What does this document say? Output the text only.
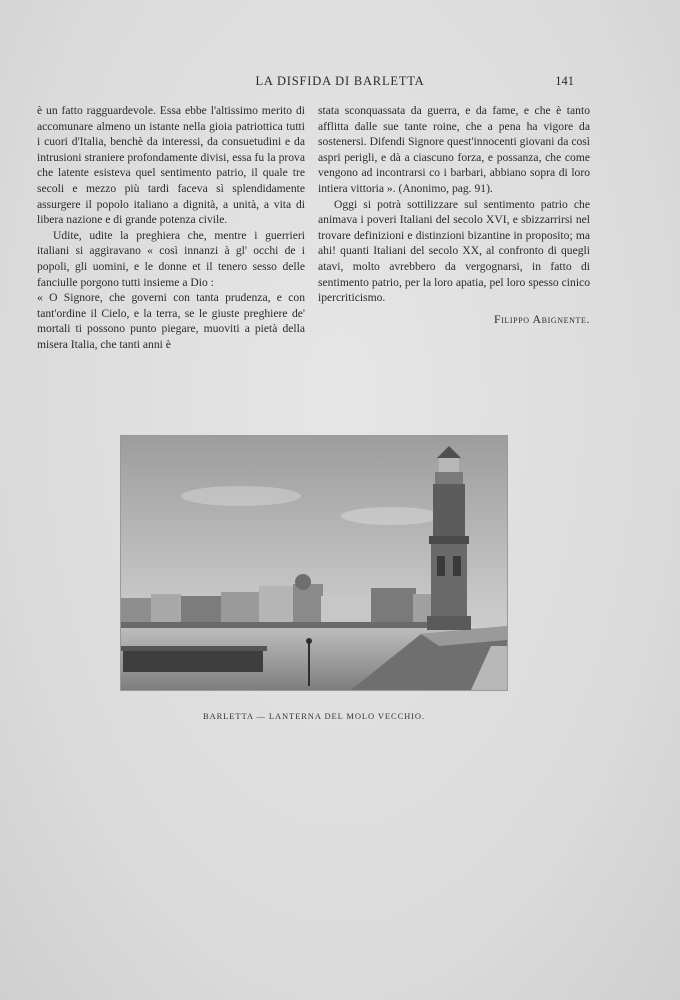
LA DISFIDA DI BARLETTA	141

è un fatto ragguardevole. Essa ebbe l'altissimo merito di accomunare almeno un istante nella gioia patriottica tutti i cuori d'Italia, benchè da interessi, da consuetudini e da intrusioni straniere profondamente divisi, essa fu la prova che latente esisteva quel sentimento patrio, il quale tre secoli e mezzo più tardi faceva sì splendidamente assurgere il popolo italiano a dignità, a unità, a vita di libera nazione e di grande potenza civile.

Udite, udite la preghiera che, mentre i guerrieri italiani si aggiravano « così innanzi à gl' occhi de i popoli, gli uomini, e le donne et il tenero sesso delle fanciulle porgono tutti insieme a Dio :

« O Signore, che governi con tanta prudenza, e con tant'ordine il Cielo, e la terra, se le giuste preghiere de' mortali ti possono punto piegare, muoviti a pietà della misera Italia, che tanti anni è

stata sconquassata da guerra, e da fame, e che è tanto afflitta dalle sue tante roine, che a pena ha vigore da sostenersi. Difendi Signore quest'innocenti giovani da così aspri perigli, e dà a ciascuno forza, e possanza, che come vengono ad incontrarsi co i barbari, abbiano sopra di loro intiera vittoria ». (Anonimo, pag. 91).

Oggi si potrà sottilizzare sul sentimento patrio che animava i poveri Italiani del secolo XVI, e sbizzarrirsi nel trovare definizioni e distinzioni bizantine in proposito; ma ahi! quanti Italiani del secolo XX, al confronto di quegli atavi, molto avrebbero da vergognarsi, in fatto di sentimento patrio, per la loro apatia, pel loro spesso cinico ipercriticismo.

Filippo Abignente.
BARLETTA — LANTERNA DEL MOLO VECCHIO.
